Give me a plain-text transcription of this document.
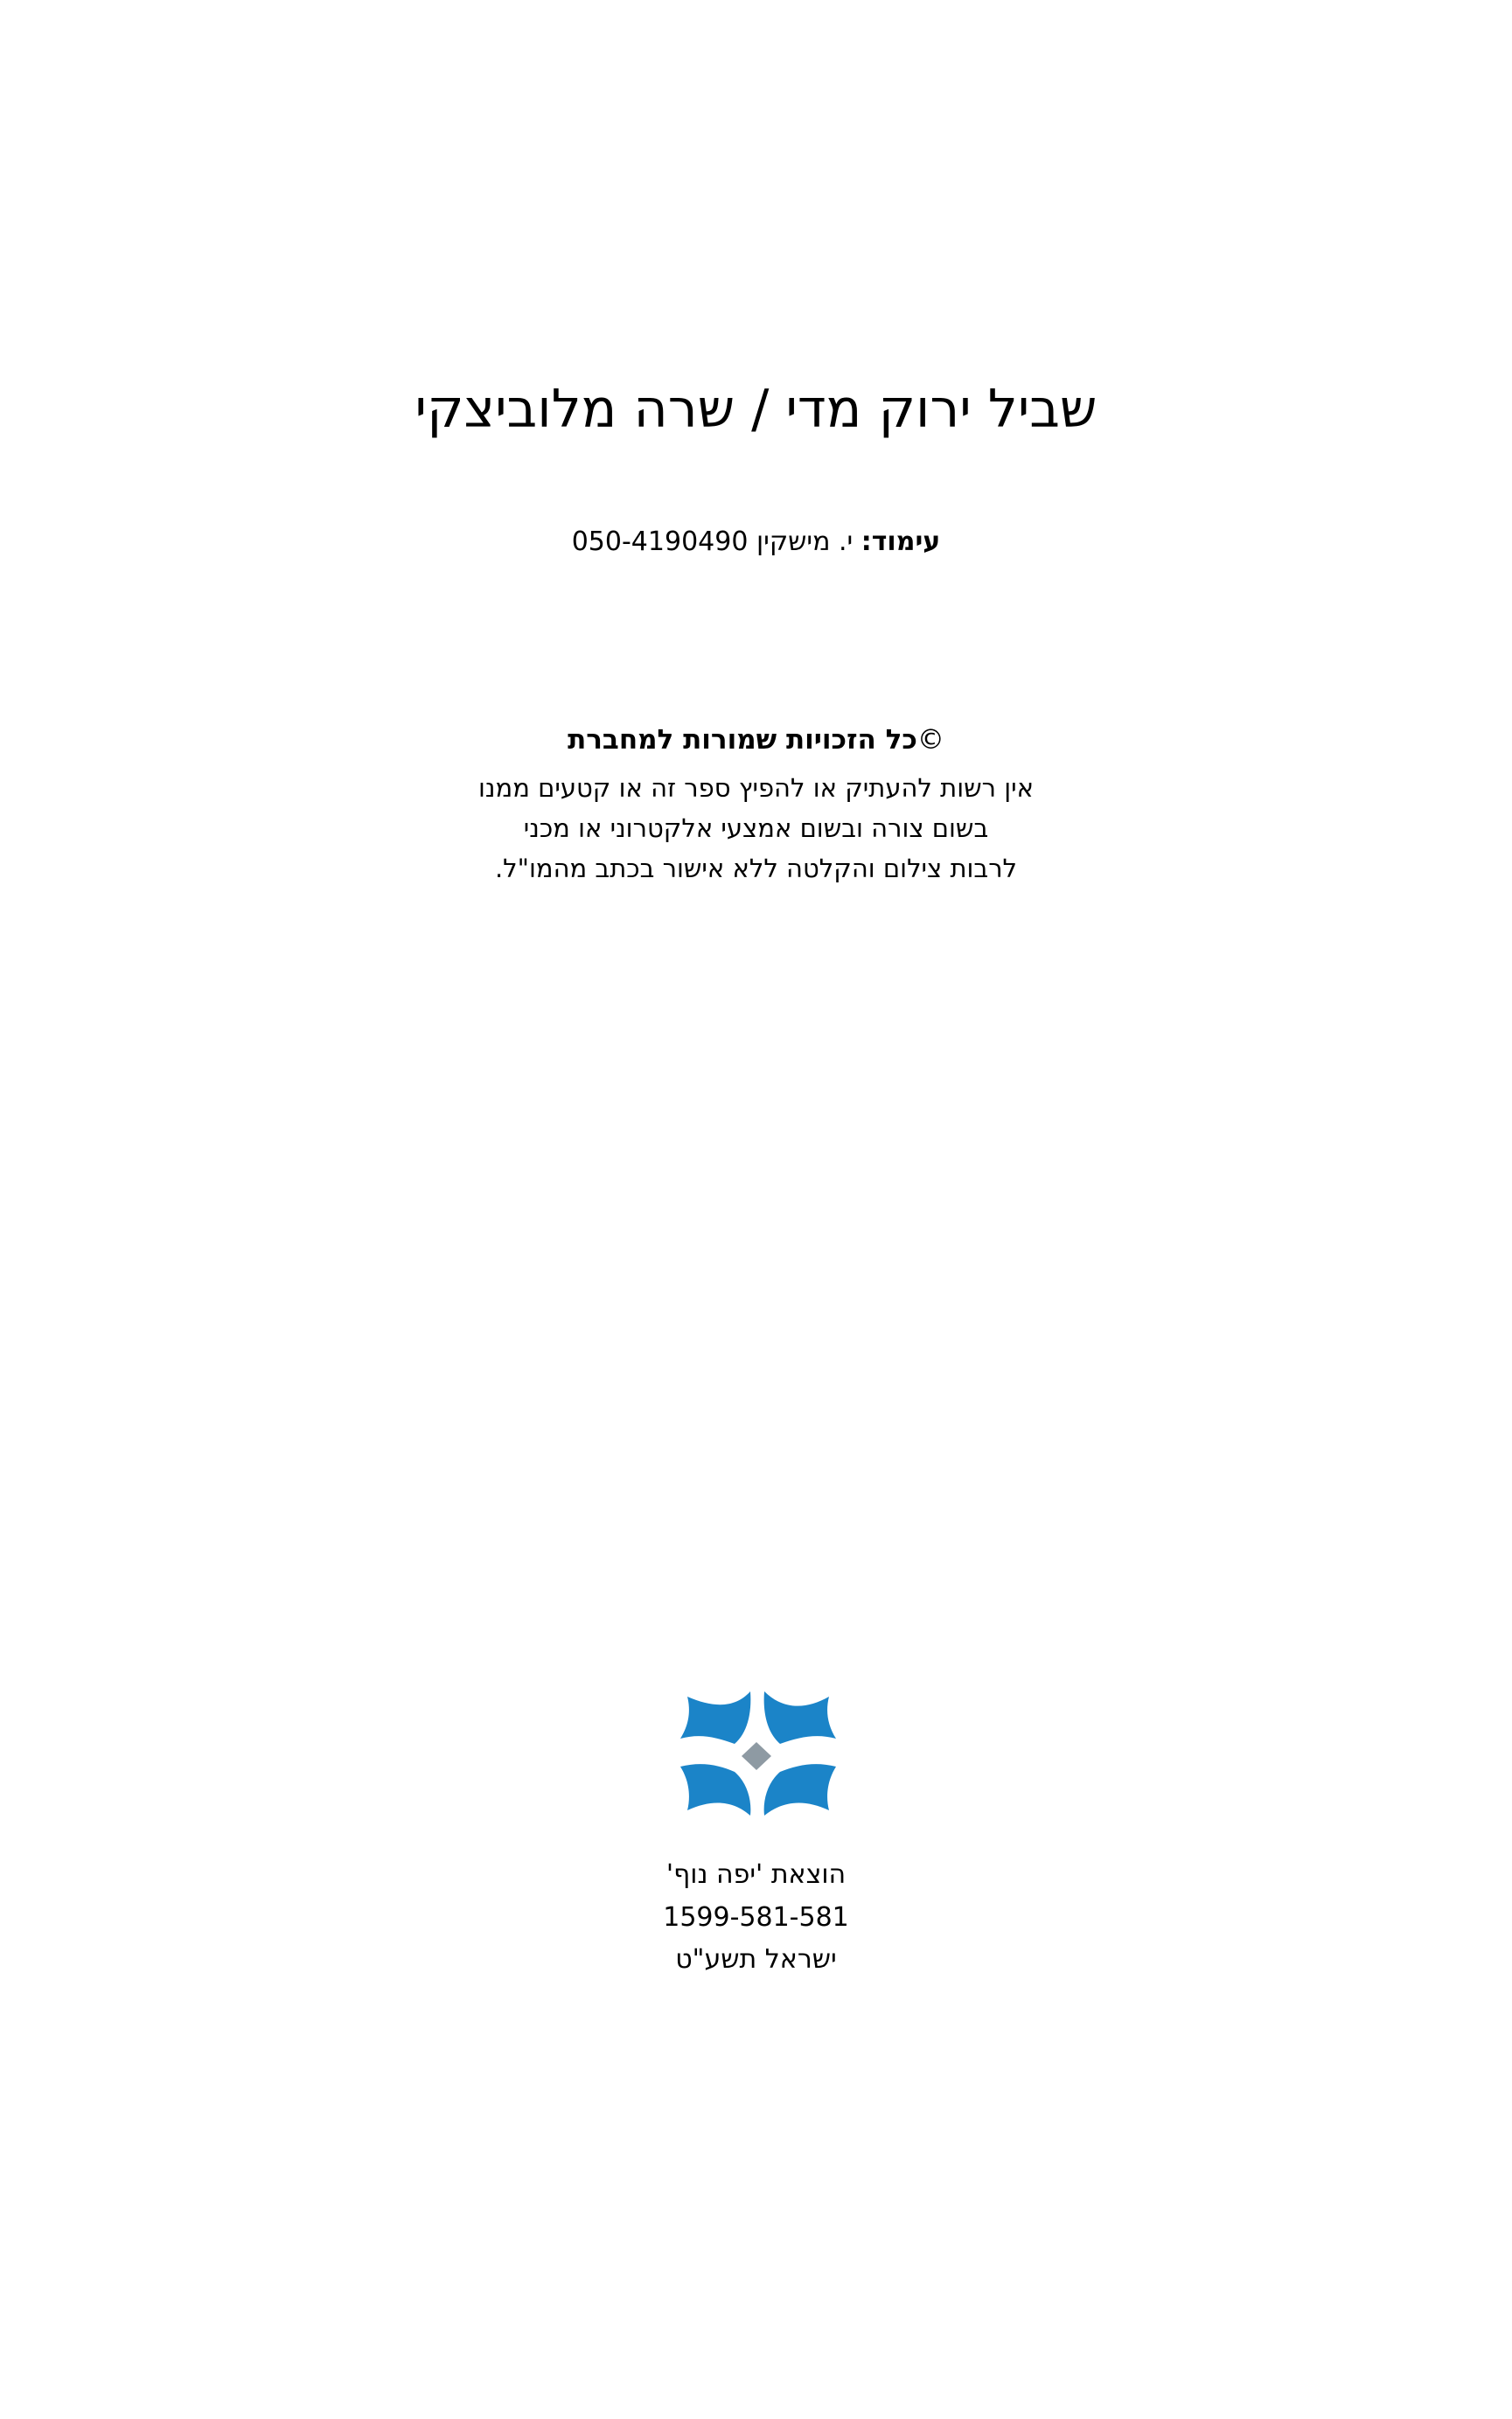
שביל ירוק מדי / שרה מלוביצקי
עימוד: י. מישקין 050-4190490
©כל הזכויות שמורות למחברת
אין רשות להעתיק או להפיץ ספר זה או קטעים ממנו
בשום צורה ובשום אמצעי אלקטרוני או מכני
לרבות צילום והקלטה ללא אישור בכתב מהמו"ל.
הוצאת 'יפה נוף'
1599-581-581
ישראל תשע"ט
